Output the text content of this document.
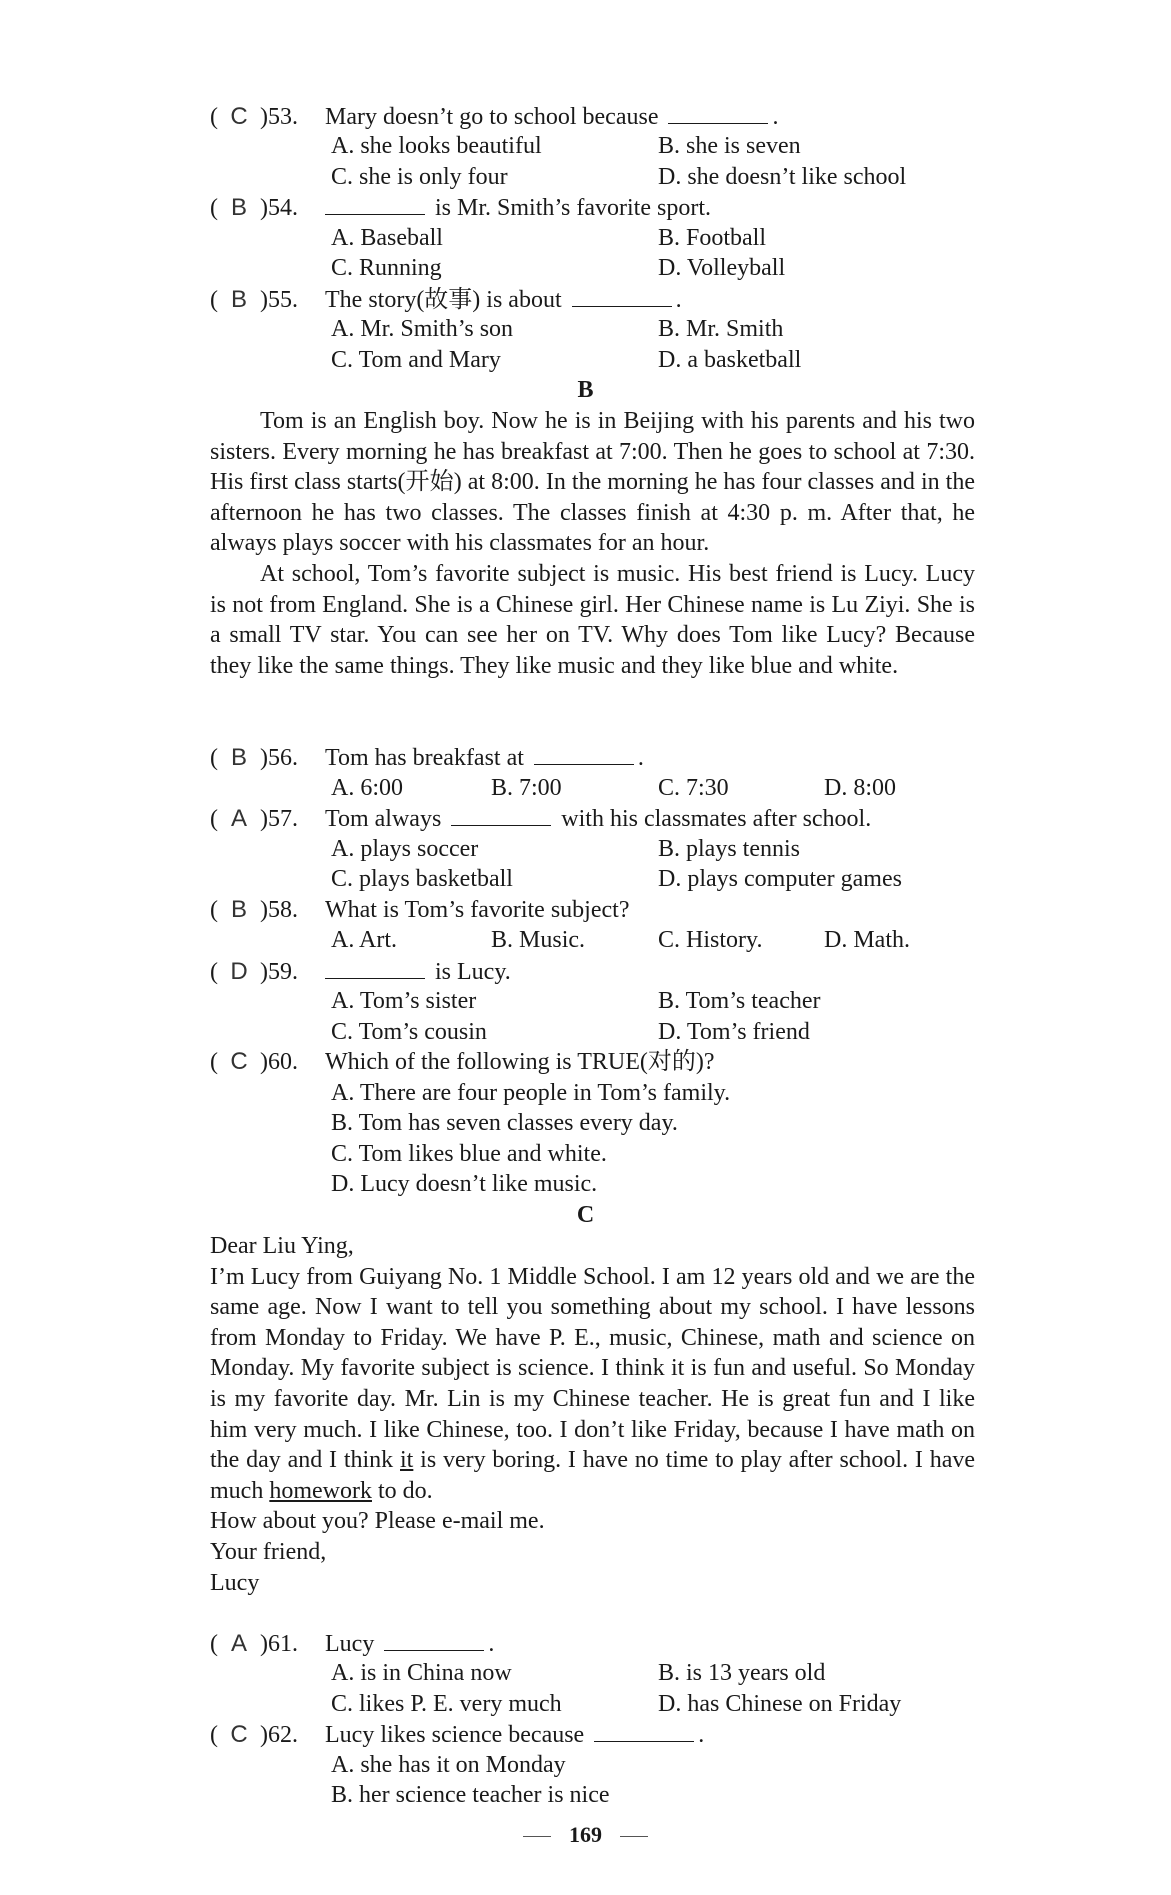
( C )53. Mary doesn’t go to school because	.
A. she looks beautiful	B. she is seven
C. she is only four	D. she doesn’t like school
( B )54.	is Mr. Smith’s favorite sport.
A. Baseball	B. Football
C. Running	D. Volleyball
( B )55. The story(故事) is about	.
A. Mr. Smith’s son	B. Mr. Smith
C. Tom and Mary	D. a basketball
B

Tom is an English boy. Now he is in Beijing with his parents and his two sisters. Every morning he has breakfast at 7:00. Then he goes to school at 7:30. His first class starts(开始) at 8:00. In the morning he has four classes and in the afternoon he has two classes. The classes finish at 4:30 p. m. After that, he always plays soccer with his classmates for an hour.

At school, Tom’s favorite subject is music. His best friend is Lucy. Lucy is not from England. She is a Chinese girl. Her Chinese name is Lu Ziyi. She is a small TV star. You can see her on TV. Why does Tom like Lucy? Because they like the same things. They like music and they like blue and white.

( B )56. Tom has breakfast at	.
A. 6:00	B. 7:00	C. 7:30	D. 8:00
( A )57. Tom always	with his classmates after school.
A. plays soccer	B. plays tennis
C. plays basketball	D. plays computer games
( B )58. What is Tom’s favorite subject?
A. Art.	B. Music.	C. History.	D. Math.
( D )59.	is Lucy.
A. Tom’s sister	B. Tom’s teacher
C. Tom’s cousin	D. Tom’s friend
( C )60. Which of the following is TRUE(对的)?
A. There are four people in Tom’s family.
B. Tom has seven classes every day.
C. Tom likes blue and white.
D. Lucy doesn’t like music.
C
Dear Liu Ying,
I’m Lucy from Guiyang No. 1 Middle School. I am 12 years old and we are the same age. Now I want to tell you something about my school. I have lessons from Monday to Friday. We have P. E., music, Chinese, math and science on Monday. My favorite subject is science. I think it is fun and useful. So Monday is my favorite day. Mr. Lin is my Chinese teacher. He is great fun and I like him very much. I like Chinese, too. I don’t like Friday, because I have math on the day and I think it is very boring. I have no time to play after school. I have much homework to do.
How about you? Please e-mail me.
Your friend,
Lucy
( A )61. Lucy	.
A. is in China now	B. is 13 years old
C. likes P. E. very much	D. has Chinese on Friday
( C )62. Lucy likes science because	.
A. she has it on Monday
B. her science teacher is nice
169
